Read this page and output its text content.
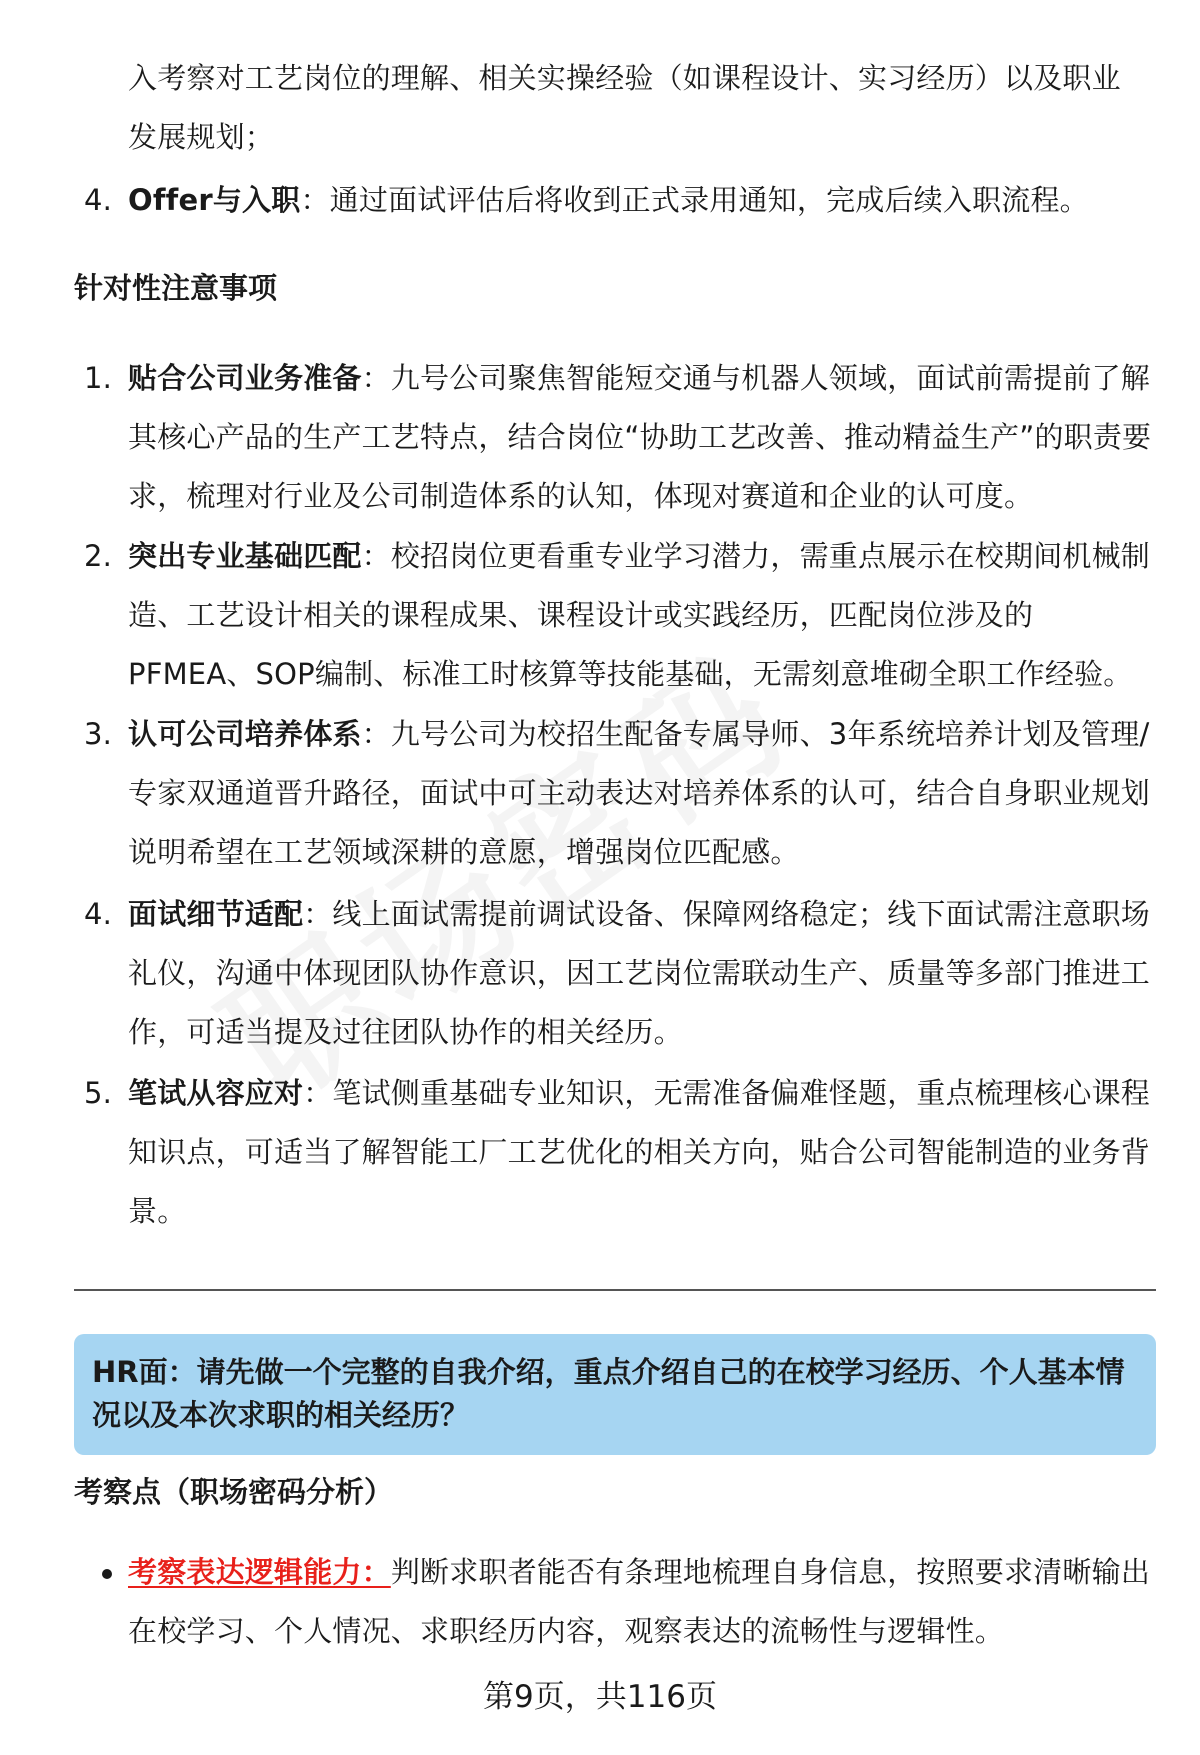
入考察对工艺岗位的理解、相关实操经验（如课程设计、实习经历）以及职业发展规划；
4. Offer与入职：通过面试评估后将收到正式录用通知，完成后续入职流程。
针对性注意事项
1. 贴合公司业务准备：九号公司聚焦智能短交通与机器人领域，面试前需提前了解其核心产品的生产工艺特点，结合岗位“协助工艺改善、推动精益生产”的职责要求，梳理对行业及公司制造体系的认知，体现对赛道和企业的认可度。
2. 突出专业基础匹配：校招岗位更看重专业学习潜力，需重点展示在校期间机械制造、工艺设计相关的课程成果、课程设计或实践经历，匹配岗位涉及的PFMEA、SOP编制、标准工时核算等技能基础，无需刻意堆砌全职工作经验。
3. 认可公司培养体系：九号公司为校招生配备专属导师、3年系统培养计划及管理/专家双通道晋升路径，面试中可主动表达对培养体系的认可，结合自身职业规划说明希望在工艺领域深耕的意愿，增强岗位匹配感。
4. 面试细节适配：线上面试需提前调试设备、保障网络稳定；线下面试需注意职场礼仪，沟通中体现团队协作意识，因工艺岗位需联动生产、质量等多部门推进工作，可适当提及过往团队协作的相关经历。
5. 笔试从容应对：笔试侧重基础专业知识，无需准备偏难怪题，重点梳理核心课程知识点，可适当了解智能工厂工艺优化的相关方向，贴合公司智能制造的业务背景。
HR面：请先做一个完整的自我介绍，重点介绍自己的在校学习经历、个人基本情况以及本次求职的相关经历？
考察点（职场密码分析）
考察表达逻辑能力：判断求职者能否有条理地梳理自身信息，按照要求清晰输出在校学习、个人情况、求职经历内容，观察表达的流畅性与逻辑性。
第9页，共116页
